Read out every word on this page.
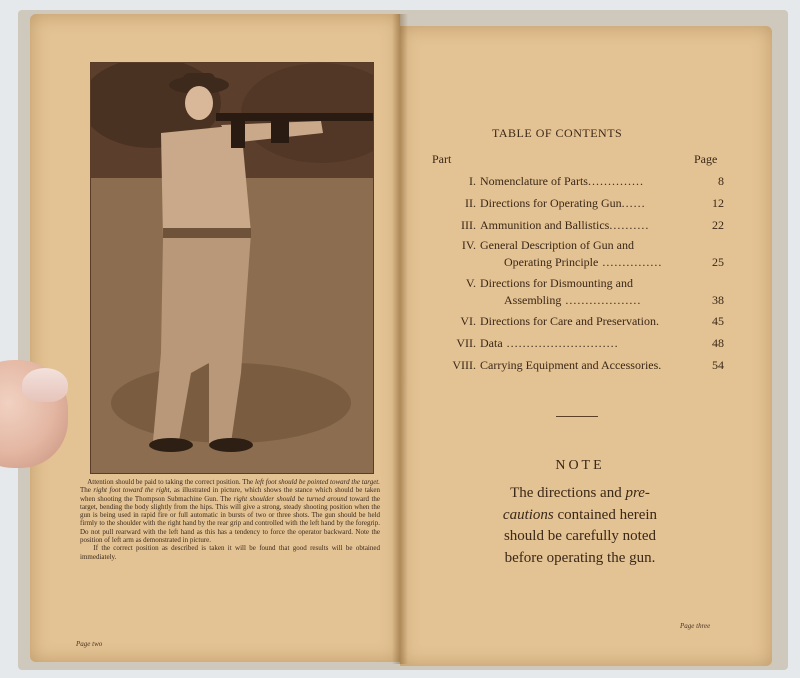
Attention should be paid to taking the correct position. The left foot should be pointed toward the target. The right foot toward the right, as illustrated in picture, which shows the stance which should be taken when shooting the Thompson Submachine Gun. The right shoulder should be turned around toward the target, bending the body slightly from the hips. This will give a strong, steady shooting position when the gun is being used in rapid fire or full automatic in bursts of two or three shots. The gun should be held firmly to the shoulder with the right hand by the rear grip and controlled with the left hand by the foregrip. Do not pull rearward with the left hand as this has a tendency to force the operator backward. Note the position of left arm as demonstrated in picture.

If the correct position as described is taken it will be found that good results will be obtained immediately.

Page two
TABLE OF CONTENTS
Part	Page
I. Nomenclature of Parts..............	8
II. Directions for Operating Gun......	12
III. Ammunition and Ballistics..........	22
IV. General Description of Gun and
Operating Principle ...............	25
V. Directions for Dismounting and
Assembling ...................	38
VI. Directions for Care and Preservation.	45
VII. Data ............................	48
VIII. Carrying Equipment and Accessories.	54
NOTE
The directions and pre-
cautions contained herein
should be carefully noted
before operating the gun.
Page three
